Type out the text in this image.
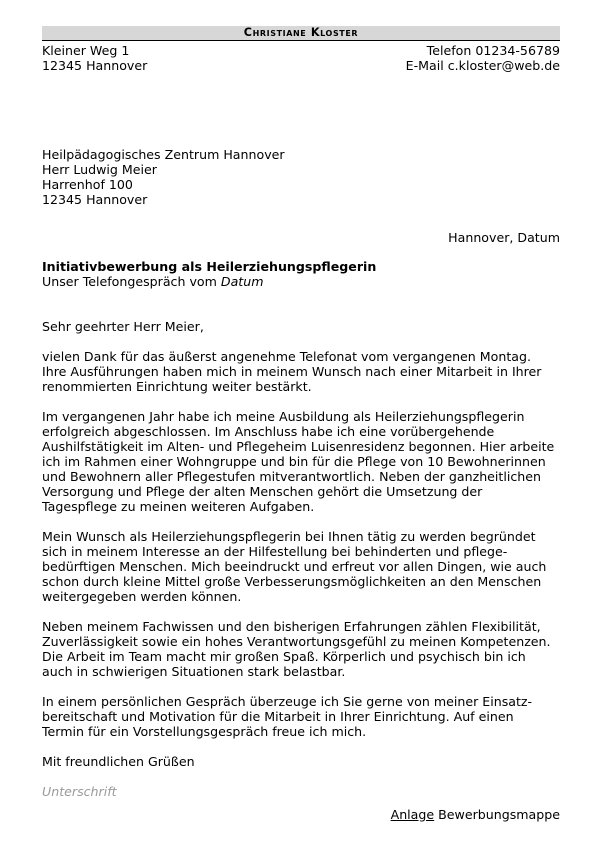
Christiane Kloster
Kleiner Weg 1
12345 Hannover
Telefon 01234-56789
E-Mail c.kloster@web.de
Heilpädagogisches Zentrum Hannover
Herr Ludwig Meier
Harrenhof 100
12345 Hannover
Hannover, Datum
Initiativbewerbung als Heilerziehungspflegerin
Unser Telefongespräch vom Datum
Sehr geehrter Herr Meier,
vielen Dank für das äußerst angenehme Telefonat vom vergangenen Montag.
Ihre Ausführungen haben mich in meinem Wunsch nach einer Mitarbeit in Ihrer
renommierten Einrichtung weiter bestärkt.
Im vergangenen Jahr habe ich meine Ausbildung als Heilerziehungspflegerin
erfolgreich abgeschlossen. Im Anschluss habe ich eine vorübergehende
Aushilfstätigkeit im Alten- und Pflegeheim Luisenresidenz begonnen. Hier arbeite
ich im Rahmen einer Wohngruppe und bin für die Pflege von 10 Bewohnerinnen
und Bewohnern aller Pflegestufen mitverantwortlich. Neben der ganzheitlichen
Versorgung und Pflege der alten Menschen gehört die Umsetzung der
Tagespflege zu meinen weiteren Aufgaben.
Mein Wunsch als Heilerziehungspflegerin bei Ihnen tätig zu werden begründet
sich in meinem Interesse an der Hilfestellung bei behinderten und pflege-
bedürftigen Menschen. Mich beeindruckt und erfreut vor allen Dingen, wie auch
schon durch kleine Mittel große Verbesserungsmöglichkeiten an den Menschen
weitergegeben werden können.
Neben meinem Fachwissen und den bisherigen Erfahrungen zählen Flexibilität,
Zuverlässigkeit sowie ein hohes Verantwortungsgefühl zu meinen Kompetenzen.
Die Arbeit im Team macht mir großen Spaß. Körperlich und psychisch bin ich
auch in schwierigen Situationen stark belastbar.
In einem persönlichen Gespräch überzeuge ich Sie gerne von meiner Einsatz-
bereitschaft und Motivation für die Mitarbeit in Ihrer Einrichtung. Auf einen
Termin für ein Vorstellungsgespräch freue ich mich.
Mit freundlichen Grüßen
Unterschrift
Anlage Bewerbungsmappe
